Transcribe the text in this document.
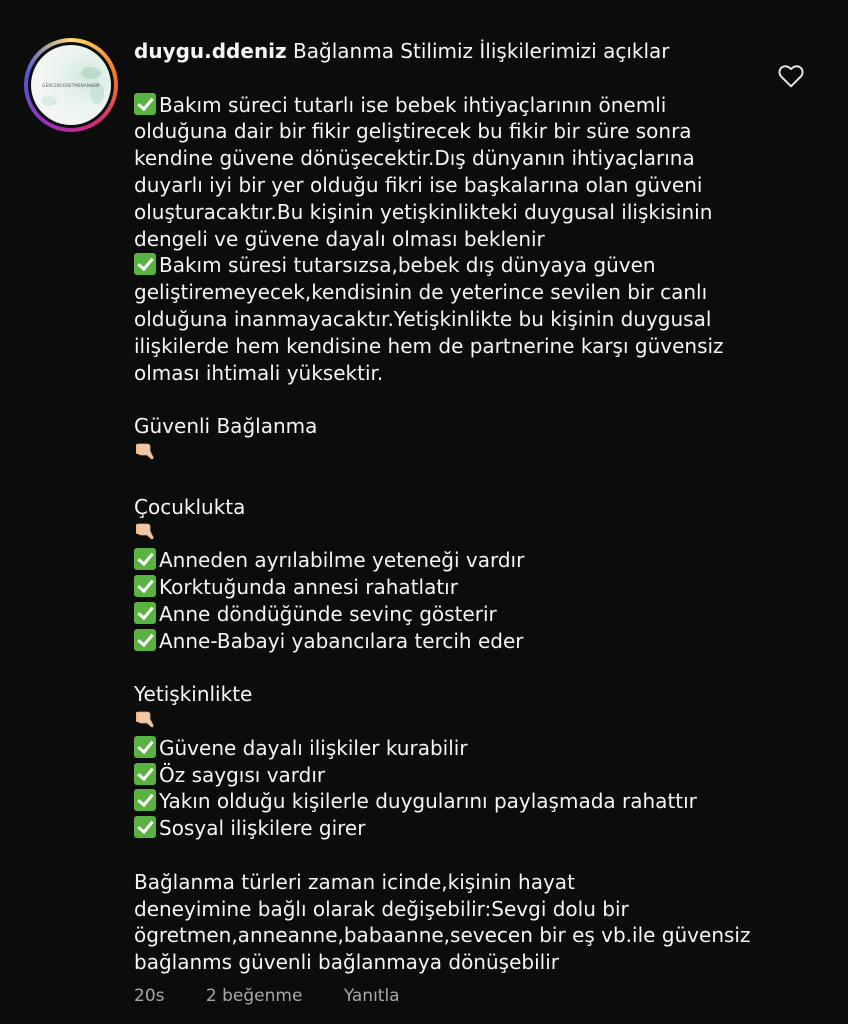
GERCEKOGRETMENANNEM
duygu.ddeniz Bağlanma Stilimiz İlişkilerimizi açıklar
Bakım süreci tutarlı ise bebek ihtiyaçlarının önemli
olduğuna dair bir fikir geliştirecek bu fikir bir süre sonra
kendine güvene dönüşecektir.Dış dünyanın ihtiyaçlarına
duyarlı iyi bir yer olduğu fikri ise başkalarına olan güveni
oluşturacaktır.Bu kişinin yetişkinlikteki duygusal ilişkisinin
dengeli ve güvene dayalı olması beklenir
Bakım süresi tutarsızsa,bebek dış dünyaya güven
geliştiremeyecek,kendisinin de yeterince sevilen bir canlı
olduğuna inanmayacaktır.Yetişkinlikte bu kişinin duygusal
ilişkilerde hem kendisine hem de partnerine karşı güvensiz
olması ihtimali yüksektir.
Güvenli Bağlanma
Çocuklukta
Anneden ayrılabilme yeteneği vardır
Korktuğunda annesi rahatlatır
Anne döndüğünde sevinç gösterir
Anne-Babayi yabancılara tercih eder
Yetişkinlikte
Güvene dayalı ilişkiler kurabilir
Öz saygısı vardır
Yakın olduğu kişilerle duygularını paylaşmada rahattır
Sosyal ilişkilere girer
Bağlanma türleri zaman icinde,kişinin hayat
deneyimine bağlı olarak değişebilir:Sevgi dolu bir
ögretmen,anneanne,babaanne,sevecen bir eş vb.ile güvensiz
bağlanms güvenli bağlanmaya dönüşebilir
20s 2 beğenme Yanıtla
